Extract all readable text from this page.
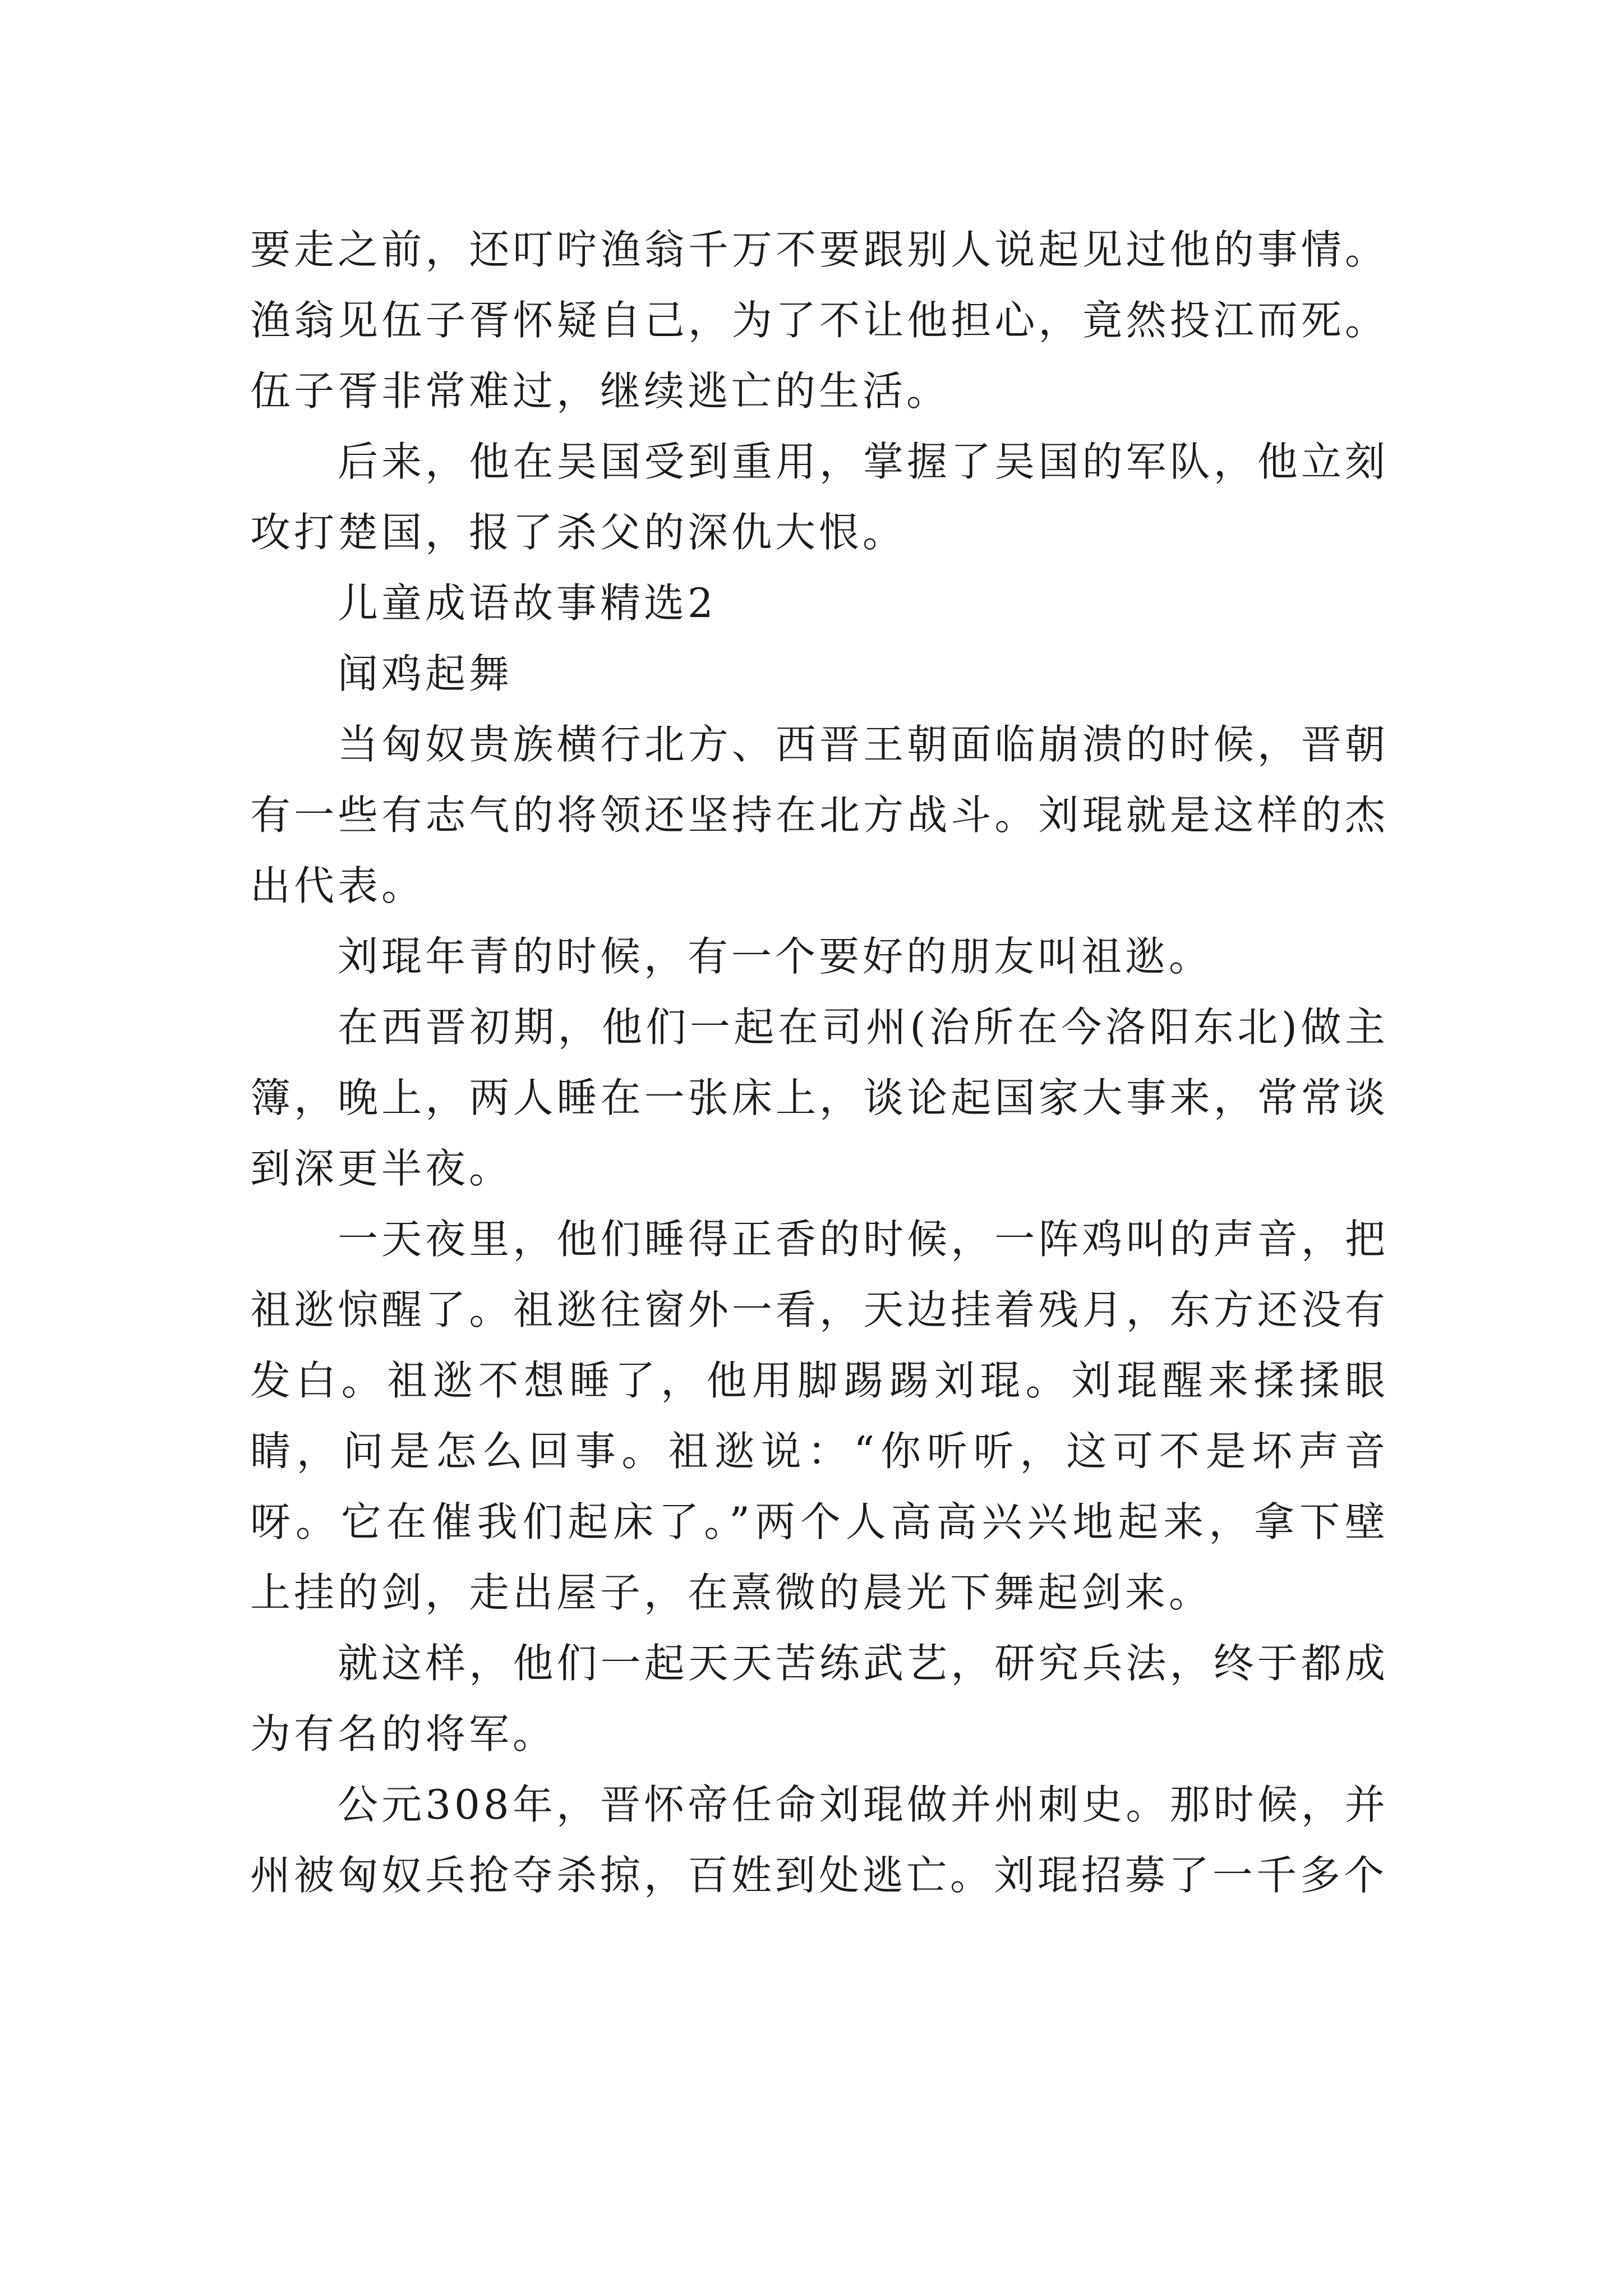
要走之前，还叮咛渔翁千万不要跟别人说起见过他的事情。渔翁见伍子胥怀疑自己，为了不让他担心，竟然投江而死。伍子胥非常难过，继续逃亡的生活。

后来，他在吴国受到重用，掌握了吴国的军队，他立刻攻打楚国，报了杀父的深仇大恨。

儿童成语故事精选2

闻鸡起舞

当匈奴贵族横行北方、西晋王朝面临崩溃的时候，晋朝有一些有志气的将领还坚持在北方战斗。刘琨就是这样的杰出代表。

刘琨年青的时候，有一个要好的朋友叫祖逖。

在西晋初期，他们一起在司州(治所在今洛阳东北)做主簿，晚上，两人睡在一张床上，谈论起国家大事来，常常谈到深更半夜。

一天夜里，他们睡得正香的时候，一阵鸡叫的声音，把祖逖惊醒了。祖逖往窗外一看，天边挂着残月，东方还没有发白。祖逖不想睡了，他用脚踢踢刘琨。刘琨醒来揉揉眼睛，问是怎么回事。祖逖说：“你听听，这可不是坏声音呀。它在催我们起床了。”两个人高高兴兴地起来，拿下壁上挂的剑，走出屋子，在熹微的晨光下舞起剑来。

就这样，他们一起天天苦练武艺，研究兵法，终于都成为有名的将军。

公元308年，晋怀帝任命刘琨做并州刺史。那时候，并州被匈奴兵抢夺杀掠，百姓到处逃亡。刘琨招募了一千多个
